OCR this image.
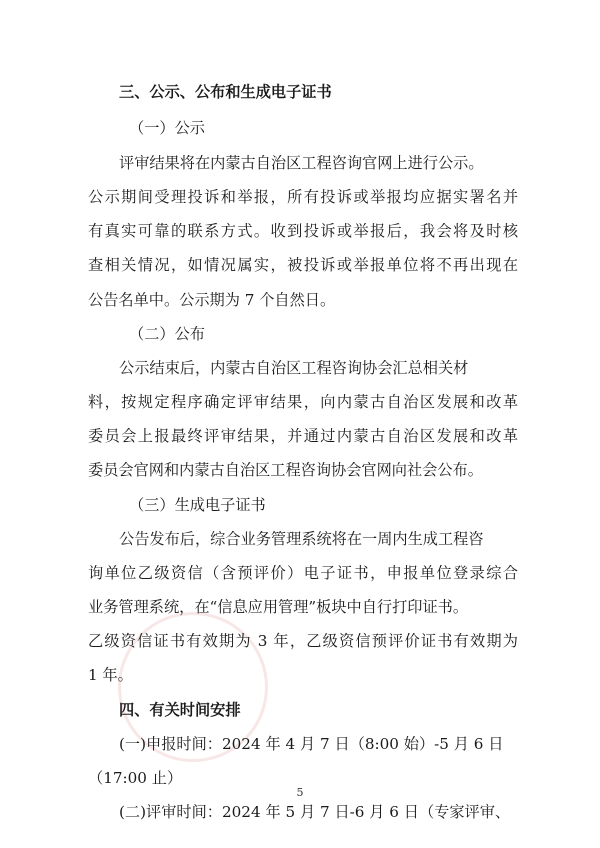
三、公示、公布和生成电子证书
（一）公示
评审结果将在内蒙古自治区工程咨询官网上进行公示。
公示期间受理投诉和举报，所有投诉或举报均应据实署名并
有真实可靠的联系方式。收到投诉或举报后，我会将及时核
查相关情况，如情况属实，被投诉或举报单位将不再出现在
公告名单中。公示期为 7 个自然日。
（二）公布
公示结束后，内蒙古自治区工程咨询协会汇总相关材
料，按规定程序确定评审结果，向内蒙古自治区发展和改革
委员会上报最终评审结果，并通过内蒙古自治区发展和改革
委员会官网和内蒙古自治区工程咨询协会官网向社会公布。
（三）生成电子证书
公告发布后，综合业务管理系统将在一周内生成工程咨
询单位乙级资信（含预评价）电子证书，申报单位登录综合
业务管理系统，在“信息应用管理”板块中自行打印证书。
乙级资信证书有效期为 3 年，乙级资信预评价证书有效期为
1 年。
四、有关时间安排
(一)申报时间：2024 年 4 月 7 日（8:00 始）-5 月 6 日
（17:00 止）
(二)评审时间：2024 年 5 月 7 日-6 月 6 日（专家评审、
5
